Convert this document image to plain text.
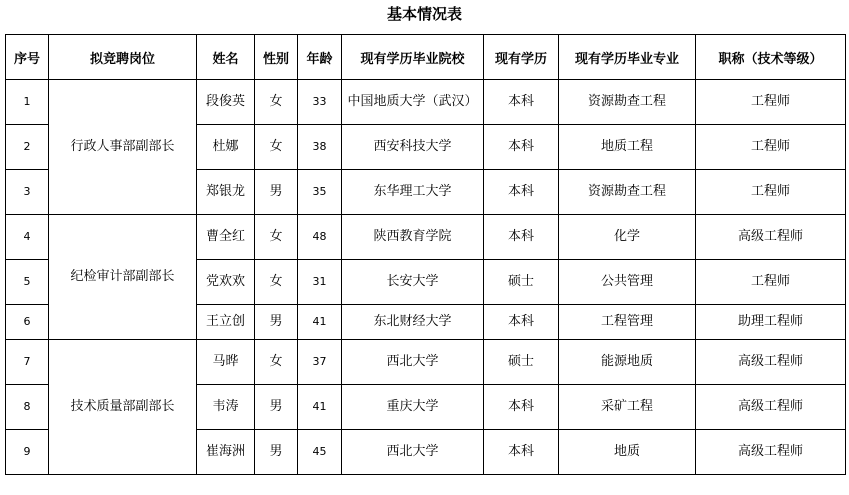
基本情况表
序号	拟竞聘岗位	姓名	性别	年龄	现有学历毕业院校	现有学历	现有学历毕业专业	职称（技术等级）
1	行政人事部副部长	段俊英	女	33	中国地质大学（武汉）	本科	资源勘查工程	工程师
2		杜娜	女	38	西安科技大学	本科	地质工程	工程师
3		郑银龙	男	35	东华理工大学	本科	资源勘查工程	工程师
4	纪检审计部副部长	曹全红	女	48	陕西教育学院	本科	化学	高级工程师
5		党欢欢	女	31	长安大学	硕士	公共管理	工程师
6		王立创	男	41	东北财经大学	本科	工程管理	助理工程师
7	技术质量部副部长	马晔	女	37	西北大学	硕士	能源地质	高级工程师
8		韦涛	男	41	重庆大学	本科	采矿工程	高级工程师
9		崔海洲	男	45	西北大学	本科	地质	高级工程师
